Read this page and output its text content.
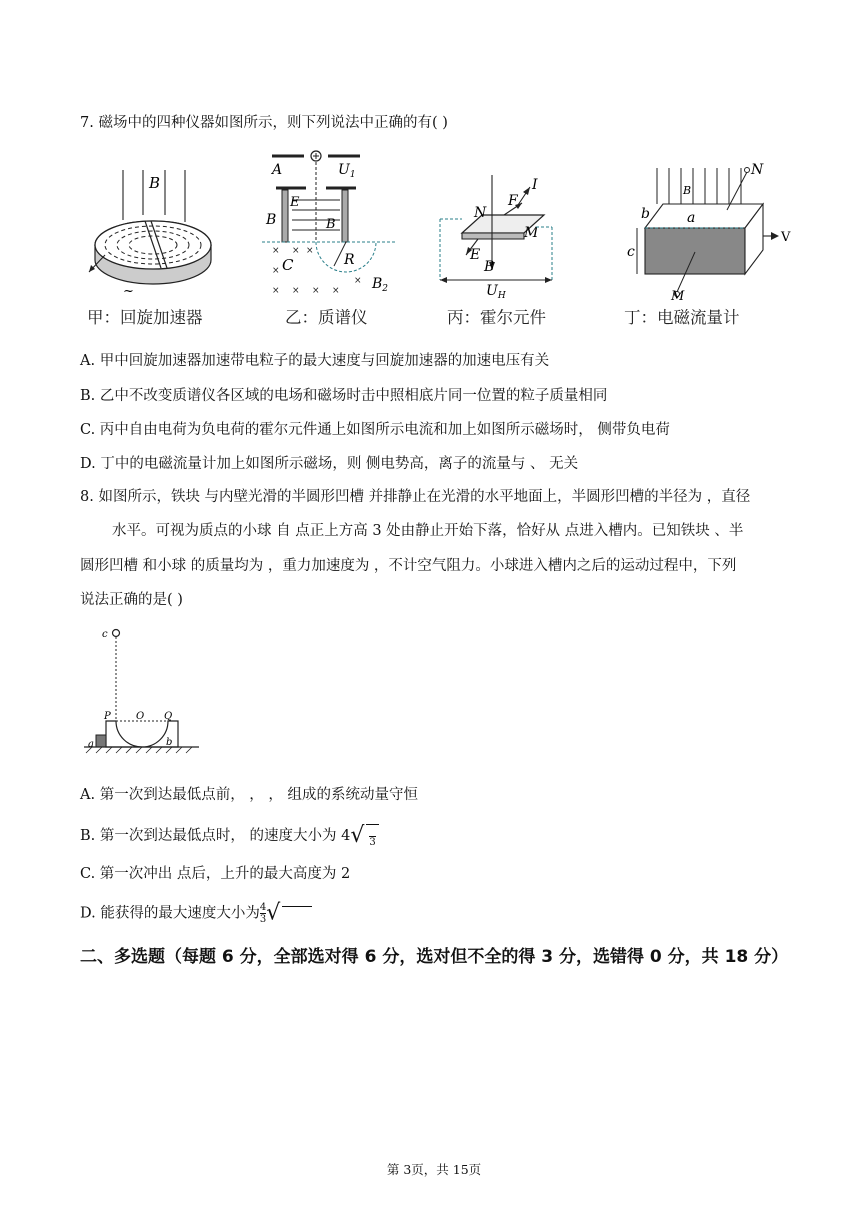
7. 磁场中的四种仪器如图所示，则下列说法中正确的有( )
B
~
A	$U_1$
E
B
B
R
× ×
×
× × × ×
×
×
C
$B_2$
N
F
I
M
E
B
$U_H$
V
N
M
b
B
a
c
甲：回旋加速器	乙：质谱仪	丙：霍尔元件	丁：电磁流量计
A. 甲中回旋加速器加速带电粒子的最大速度与回旋加速器的加速电压有关
B. 乙中不改变质谱仪各区域的电场和磁场时击中照相底片同一位置的粒子质量相同
C. 丙中自由电荷为负电荷的霍尔元件通上如图所示电流和加上如图所示磁场时， 侧带负电荷
D. 丁中的电磁流量计加上如图所示磁场，则 侧电势高，离子的流量与 、 无关
8. 如图所示，铁块 与内壁光滑的半圆形凹槽 并排静止在光滑的水平地面上，半圆形凹槽的半径为 ，直径
水平。可视为质点的小球 自 点正上方高 3 处由静止开始下落，恰好从 点进入槽内。已知铁块 、半
圆形凹槽 和小球 的质量均为 ，重力加速度为 ，不计空气阻力。小球进入槽内之后的运动过程中，下列
说法正确的是( )
c
P	O Q
a	b
A. 第一次到达最低点前， ， ， 组成的系统动量守恒
B. 第一次到达最低点时， 的速度大小为 4√
3
C. 第一次冲出 点后，上升的最大高度为 2
D. 能获得的最大速度大小为 $\frac{4}{3}$ √
二、多选题（每题 6 分，全部选对得 6 分，选对但不全的得 3 分，选错得 0 分，共 18 分）
第 3页，共 15页
